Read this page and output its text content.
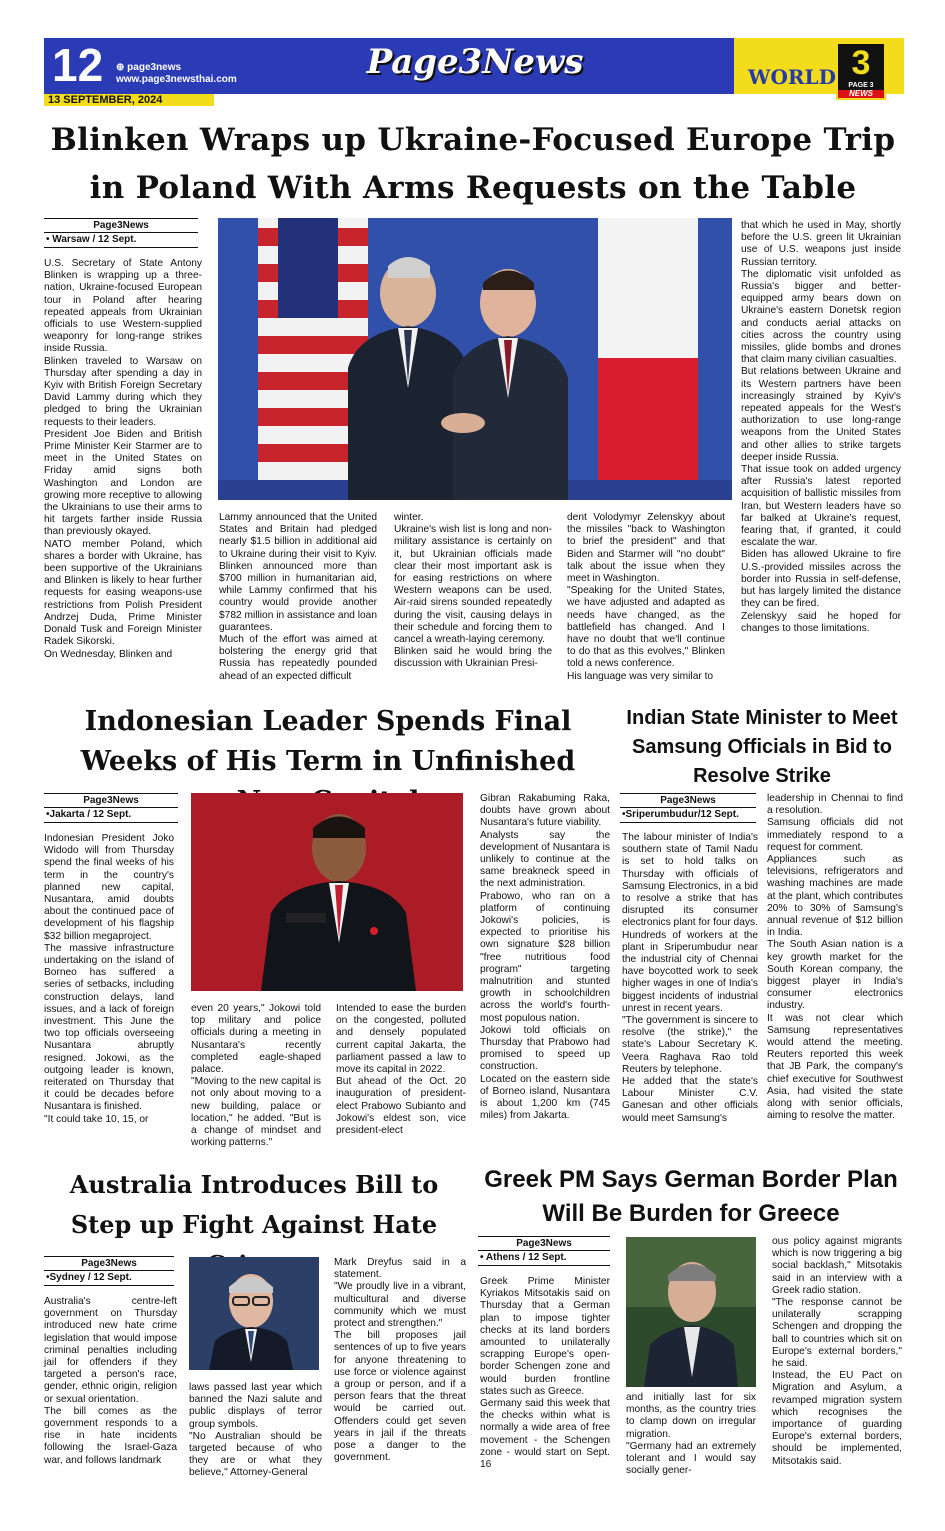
12 ⊕ page3news
www.page3newsthai.com
13 SEPTEMBER, 2024
Page3News	WORLD 3
PAGE 3
NEWS
Blinken Wraps up Ukraine-Focused Europe Trip in Poland With Arms Requests on the Table
Page3News
• Warsaw / 12 Sept.

U.S. Secretary of State Antony Blinken is wrapping up a three-nation, Ukraine-focused European tour in Poland after hearing repeated appeals from Ukrainian officials to use Western-supplied weaponry for long-range strikes inside Russia.
Blinken traveled to Warsaw on Thursday after spending a day in Kyiv with British Foreign Secretary David Lammy during which they pledged to bring the Ukrainian requests to their leaders.
President Joe Biden and British Prime Minister Keir Starmer are to meet in the United States on Friday amid signs both Washington and London are growing more receptive to allowing the Ukrainians to use their arms to hit targets farther inside Russia than previously okayed.
NATO member Poland, which shares a border with Ukraine, has been supportive of the Ukrainians and Blinken is likely to hear further requests for easing weapons-use restrictions from Polish President Andrzej Duda, Prime Minister Donald Tusk and Foreign Minister Radek Sikorski.
On Wednesday, Blinken and

Lammy announced that the United States and Britain had pledged nearly $1.5 billion in additional aid to Ukraine during their visit to Kyiv. Blinken announced more than $700 million in humanitarian aid, while Lammy confirmed that his country would provide another $782 million in assistance and loan guarantees.
Much of the effort was aimed at bolstering the energy grid that Russia has repeatedly pounded ahead of an expected difficult

winter.
Ukraine's wish list is long and non-military assistance is certainly on it, but Ukrainian officials made clear their most important ask is for easing restrictions on where Western weapons can be used. Air-raid sirens sounded repeatedly during the visit, causing delays in their schedule and forcing them to cancel a wreath-laying ceremony.
Blinken said he would bring the discussion with Ukrainian Presi-

dent Volodymyr Zelenskyy about the missiles "back to Washington to brief the president" and that Biden and Starmer will "no doubt" talk about the issue when they meet in Washington.
"Speaking for the United States, we have adjusted and adapted as needs have changed, as the battlefield has changed. And I have no doubt that we'll continue to do that as this evolves," Blinken told a news conference.
His language was very similar to

that which he used in May, shortly before the U.S. green lit Ukrainian use of U.S. weapons just inside Russian territory.
The diplomatic visit unfolded as Russia's bigger and better-equipped army bears down on Ukraine's eastern Donetsk region and conducts aerial attacks on cities across the country using missiles, glide bombs and drones that claim many civilian casualties.
But relations between Ukraine and its Western partners have been increasingly strained by Kyiv's repeated appeals for the West's authorization to use long-range weapons from the United States and other allies to strike targets deeper inside Russia.
That issue took on added urgency after Russia's latest reported acquisition of ballistic missiles from Iran, but Western leaders have so far balked at Ukraine's request, fearing that, if granted, it could escalate the war.
Biden has allowed Ukraine to fire U.S.-provided missiles across the border into Russia in self-defense, but has largely limited the distance they can be fired.
Zelenskyy said he hoped for changes to those limitations.

Indonesian Leader Spends Final Weeks of His Term in Unfinished
Page3News
•Jakarta / 12 Sept.

Indonesian President Joko Widodo will from Thursday spend the final weeks of his term in the country's planned new capital, Nusantara, amid doubts about the continued pace of development of his flagship $32 billion megaproject.
The massive infrastructure undertaking on the island of Borneo has suffered a series of setbacks, including construction delays, land issues, and a lack of foreign investment. This June the two top officials overseeing Nusantara abruptly resigned. Jokowi, as the outgoing leader is known, reiterated on Thursday that it could be decades before Nusantara is finished.
"It could take 10, 15, or

even 20 years," Jokowi told top military and police officials during a meeting in Nusantara's recently completed eagle-shaped palace.
"Moving to the new capital is not only about moving to a new building, palace or location," he added. "But is a change of mindset and working patterns."

Intended to ease the burden on the congested, polluted and densely populated current capital Jakarta, the parliament passed a law to move its capital in 2022.
But ahead of the Oct. 20 inauguration of president-elect Prabowo Subianto and Jokowi's eldest son, vice president-elect

Gibran Rakabuming Raka, doubts have grown about Nusantara's future viability.
Analysts say the development of Nusantara is unlikely to continue at the same breakneck speed in the next administration.
Prabowo, who ran on a platform of continuing Jokowi's policies, is expected to prioritise his own signature $28 billion "free nutritious food program" targeting malnutrition and stunted growth in schoolchildren across the world's fourth-most populous nation.
Jokowi told officials on Thursday that Prabowo had promised to speed up construction.
Located on the eastern side of Borneo island, Nusantara is about 1,200 km (745 miles) from Jakarta.

Indian State Minister to Meet Samsung Officials in Bid to Resolve Strike
Page3News
•Sriperumbudur/12 Sept.

The labour minister of India's southern state of Tamil Nadu is set to hold talks on Thursday with officials of Samsung Electronics, in a bid to resolve a strike that has disrupted its consumer electronics plant for four days.
Hundreds of workers at the plant in Sriperumbudur near the industrial city of Chennai have boycotted work to seek higher wages in one of India's biggest incidents of industrial unrest in recent years.
"The government is sincere to resolve (the strike)," the state's Labour Secretary K. Veera Raghava Rao told Reuters by telephone.
He added that the state's Labour Minister C.V. Ganesan and other officials would meet Samsung's

leadership in Chennai to find a resolution.
Samsung officials did not immediately respond to a request for comment.
Appliances such as televisions, refrigerators and washing machines are made at the plant, which contributes 20% to 30% of Samsung's annual revenue of $12 billion in India.
The South Asian nation is a key growth market for the South Korean company, the biggest player in India's consumer electronics industry.
It was not clear which Samsung representatives would attend the meeting. Reuters reported this week that JB Park, the company's chief executive for Southwest Asia, had visited the state along with senior officials, aiming to resolve the matter.

Australia Introduces Bill to Step up Fight Against Hate
Page3News
•Sydney / 12 Sept.

Australia's centre-left government on Thursday introduced new hate crime legislation that would impose criminal penalties including jail for offenders if they targeted a person's race, gender, ethnic origin, religion or sexual orientation.
The bill comes as the government responds to a rise in hate incidents following the Israel-Gaza war, and follows landmark

laws passed last year which banned the Nazi salute and public displays of terror group symbols.
"No Australian should be targeted because of who they are or what they believe," Attorney-General

Mark Dreyfus said in a statement.
"We proudly live in a vibrant, multicultural and diverse community which we must protect and strengthen."
The bill proposes jail sentences of up to five years for anyone threatening to use force or violence against a group or person, and if a person fears that the threat would be carried out. Offenders could get seven years in jail if the threats pose a danger to the government.

Greek PM Says German Border Plan Will Be Burden for Greece
Page3News
• Athens / 12 Sept.

Greek Prime Minister Kyriakos Mitsotakis said on Thursday that a German plan to impose tighter checks at its land borders amounted to unilaterally scrapping Europe's open-border Schengen zone and would burden frontline states such as Greece.
Germany said this week that the checks within what is normally a wide area of free movement - the Schengen zone - would start on Sept. 16

and initially last for six months, as the country tries to clamp down on irregular migration.
"Germany had an extremely tolerant and I would say socially gener-

ous policy against migrants which is now triggering a big social backlash," Mitsotakis said in an interview with a Greek radio station.
"The response cannot be unilaterally scrapping Schengen and dropping the ball to countries which sit on Europe's external borders," he said.
Instead, the EU Pact on Migration and Asylum, a revamped migration system which recognises the importance of guarding Europe's external borders, should be implemented, Mitsotakis said.
